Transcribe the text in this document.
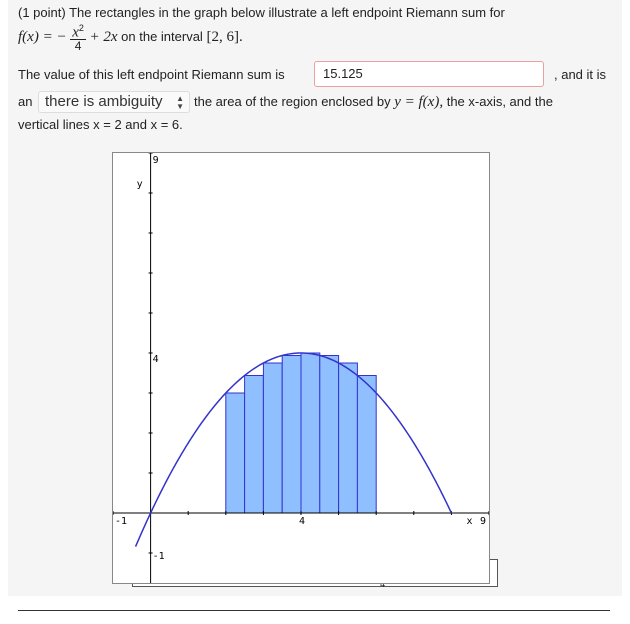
(1 point) The rectangles in the graph below illustrate a left endpoint Riemann sum for
f(x) = − $\frac{x^2}{4} + 2x$ on the interval [2, 6].
The value of this left endpoint Riemann sum is	15.125	, and it is
an there is ambiguity ▲
▼ the area of the region enclosed by y = f(x), the x-axis, and the
vertical lines x = 2 and x = 6.
-1	4	x 9
9
y
4
-1
